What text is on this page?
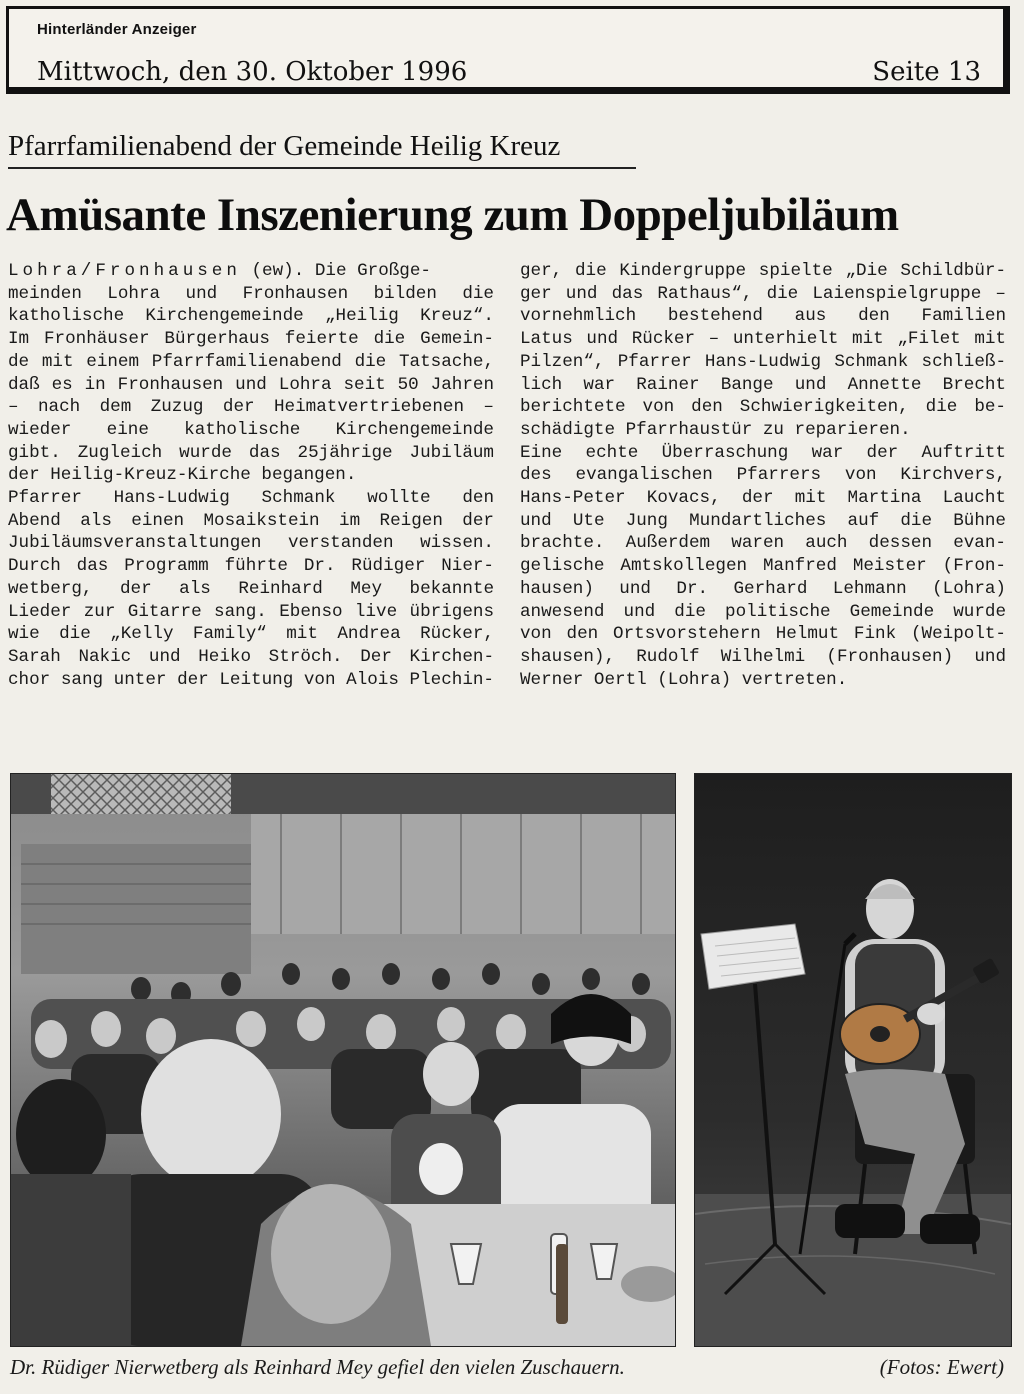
Hinterländer Anzeiger
Mittwoch, den 30. Oktober 1996	Seite 13
Pfarrfamilienabend der Gemeinde Heilig Kreuz
Amüsante Inszenierung zum Doppeljubiläum
Lohra/Fronhausen (ew). Die Großge-
meinden Lohra und Fronhausen bilden die
katholische Kirchengemeinde „Heilig Kreuz“.
Im Fronhäuser Bürgerhaus feierte die Gemein-
de mit einem Pfarrfamilienabend die Tatsache,
daß es in Fronhausen und Lohra seit 50 Jahren
– nach dem Zuzug der Heimatvertriebenen –
wieder eine katholische Kirchengemeinde
gibt. Zugleich wurde das 25jährige Jubiläum
der Heilig-Kreuz-Kirche begangen.
Pfarrer Hans-Ludwig Schmank wollte den
Abend als einen Mosaikstein im Reigen der
Jubiläumsveranstaltungen verstanden wissen.
Durch das Programm führte Dr. Rüdiger Nier-
wetberg, der als Reinhard Mey bekannte
Lieder zur Gitarre sang. Ebenso live übrigens
wie die „Kelly Family“ mit Andrea Rücker,
Sarah Nakic und Heiko Ströch. Der Kirchen-
chor sang unter der Leitung von Alois Plechin-
ger, die Kindergruppe spielte „Die Schildbür-
ger und das Rathaus“, die Laienspielgruppe –
vornehmlich bestehend aus den Familien
Latus und Rücker – unterhielt mit „Filet mit
Pilzen“, Pfarrer Hans-Ludwig Schmank schließ-
lich war Rainer Bange und Annette Brecht
berichtete von den Schwierigkeiten, die be-
schädigte Pfarrhaustür zu reparieren.
Eine echte Überraschung war der Auftritt
des evangalischen Pfarrers von Kirchvers,
Hans-Peter Kovacs, der mit Martina Laucht
und Ute Jung Mundartliches auf die Bühne
brachte. Außerdem waren auch dessen evan-
gelische Amtskollegen Manfred Meister (Fron-
hausen) und Dr. Gerhard Lehmann (Lohra)
anwesend und die politische Gemeinde wurde
von den Ortsvorstehern Helmut Fink (Weipolt-
shausen), Rudolf Wilhelmi (Fronhausen) und
Werner Oertl (Lohra) vertreten.
Dr. Rüdiger Nierwetberg als Reinhard Mey gefiel den vielen Zuschauern.	(Fotos: Ewert)
